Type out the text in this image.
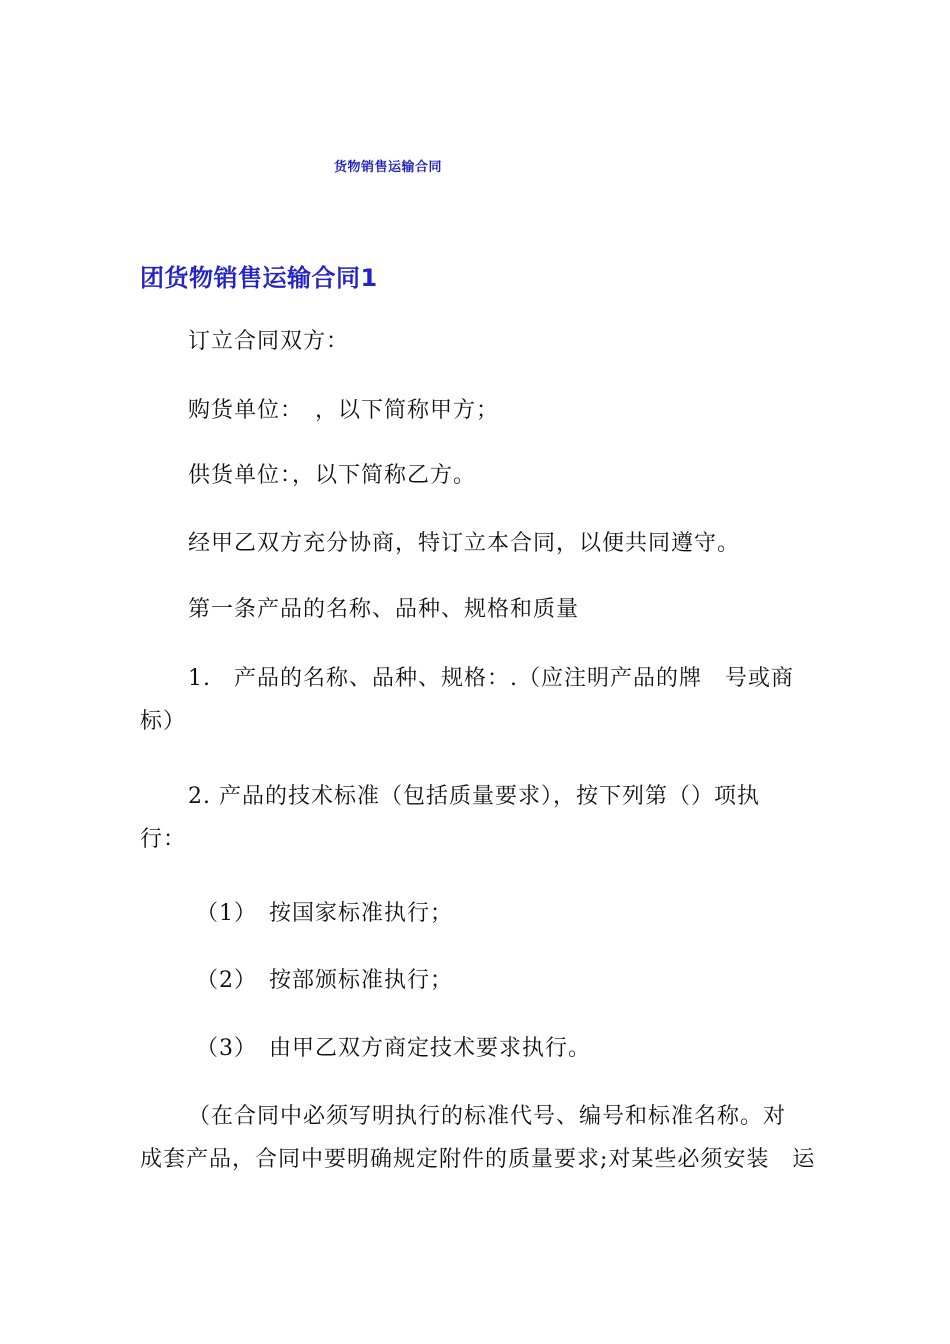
货物销售运输合同
团货物销售运输合同1
订立合同双方：
购货单位：　，以下简称甲方；
供货单位：，以下简称乙方。
经甲乙双方充分协商，特订立本合同，以便共同遵守。
第一条产品的名称、品种、规格和质量
1.　产品的名称、品种、规格：.（应注明产品的牌　号或商
标）
2. 产品的技术标准（包括质量要求），按下列第（）项执
行：
（1）　按国家标准执行；
（2）　按部颁标准执行；
（3）　由甲乙双方商定技术要求执行。
（在合同中必须写明执行的标准代号、编号和标准名称。对
成套产品，合同中要明确规定附件的质量要求;对某些必须安装　运
